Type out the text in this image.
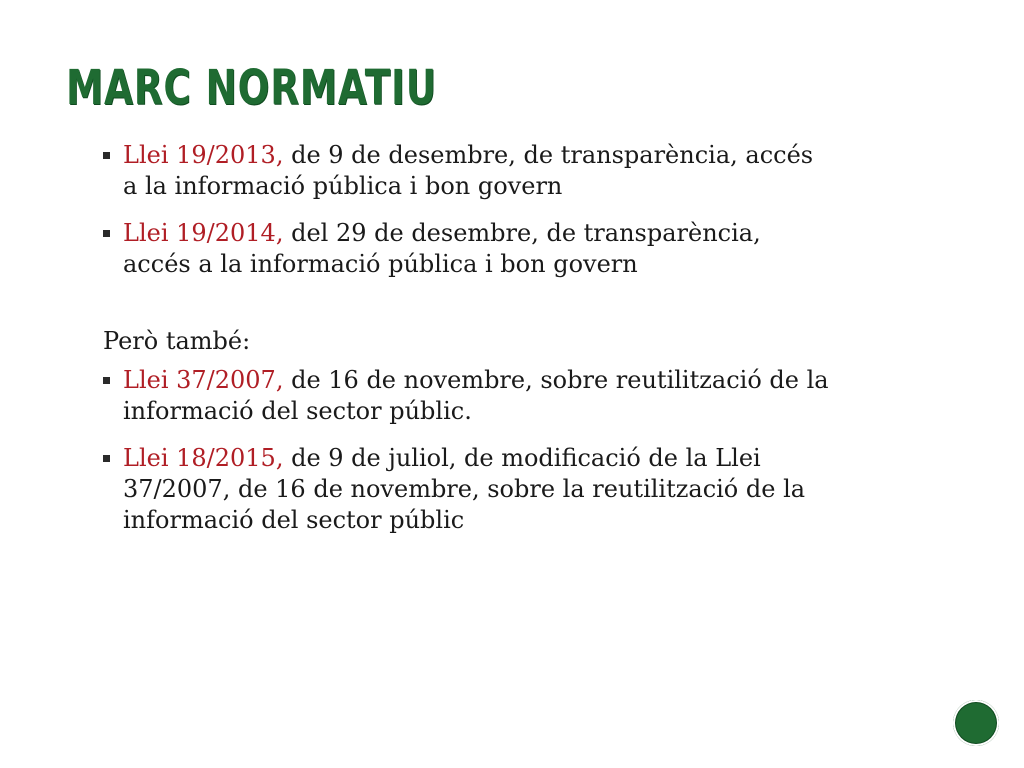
MARC NORMATIU
Llei 19/2013, de 9 de desembre, de transparència, accés a la informació pública i bon govern
Llei 19/2014, del 29 de desembre, de transparència, accés a la informació pública i bon govern
Però també:
Llei 37/2007, de 16 de novembre, sobre reutilització de la informació del sector públic.
Llei 18/2015, de 9 de juliol, de modificació de la Llei 37/2007, de 16 de novembre, sobre la reutilització de la informació del sector públic
